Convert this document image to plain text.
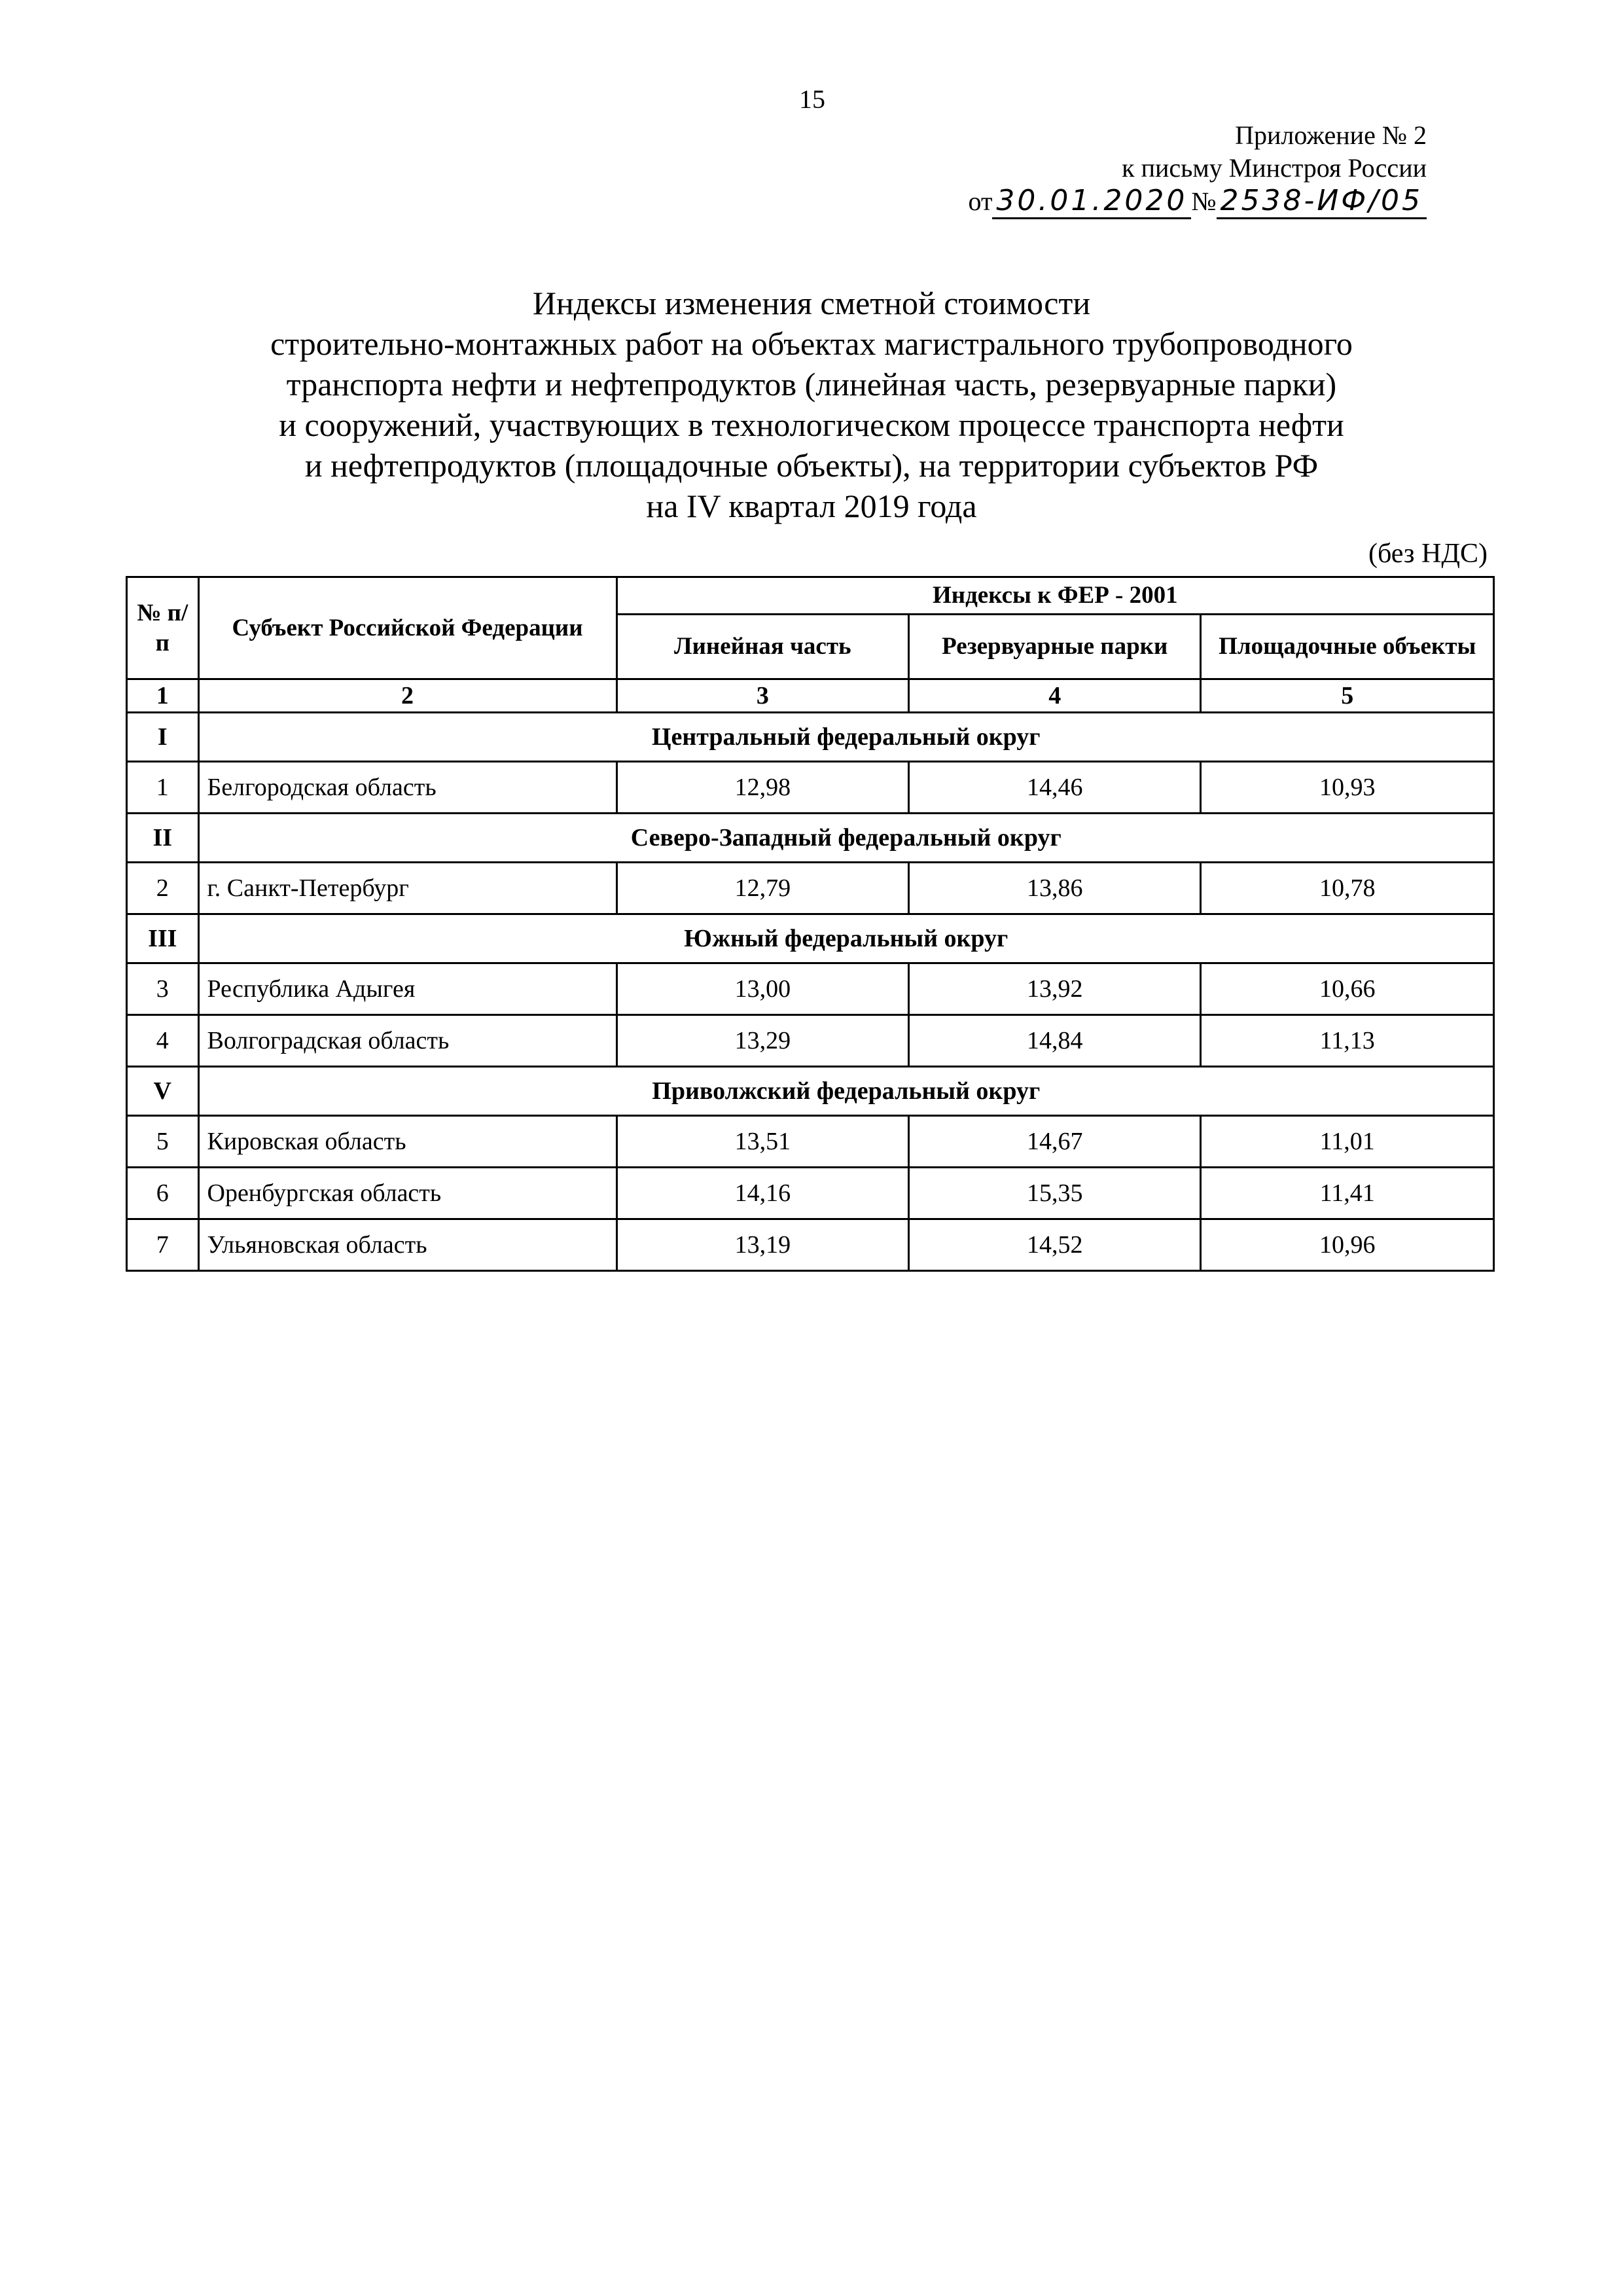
15
Приложение № 2
к письму Минстроя России
от 30.01.2020 № 2538-ИФ/05
Индексы изменения сметной стоимости
строительно-монтажных работ на объектах магистрального трубопроводного
транспорта нефти и нефтепродуктов (линейная часть, резервуарные парки)
и сооружений, участвующих в технологическом процессе транспорта нефти
и нефтепродуктов (площадочные объекты), на территории субъектов РФ
на IV квартал 2019 года
(без НДС)
№ п/п	Субъект Российской Федерации	Индексы к ФЕР - 2001		
		Линейная часть	Резервуарные парки	Площадочные объекты
1	2	3	4	5
I	Центральный федеральный округ			
1	Белгородская область	12,98	14,46	10,93
II	Северо-Западный федеральный округ			
2	г. Санкт-Петербург	12,79	13,86	10,78
III	Южный федеральный округ			
3	Республика Адыгея	13,00	13,92	10,66
4	Волгоградская область	13,29	14,84	11,13
V	Приволжский федеральный округ			
5	Кировская область	13,51	14,67	11,01
6	Оренбургская область	14,16	15,35	11,41
7	Ульяновская область	13,19	14,52	10,96
